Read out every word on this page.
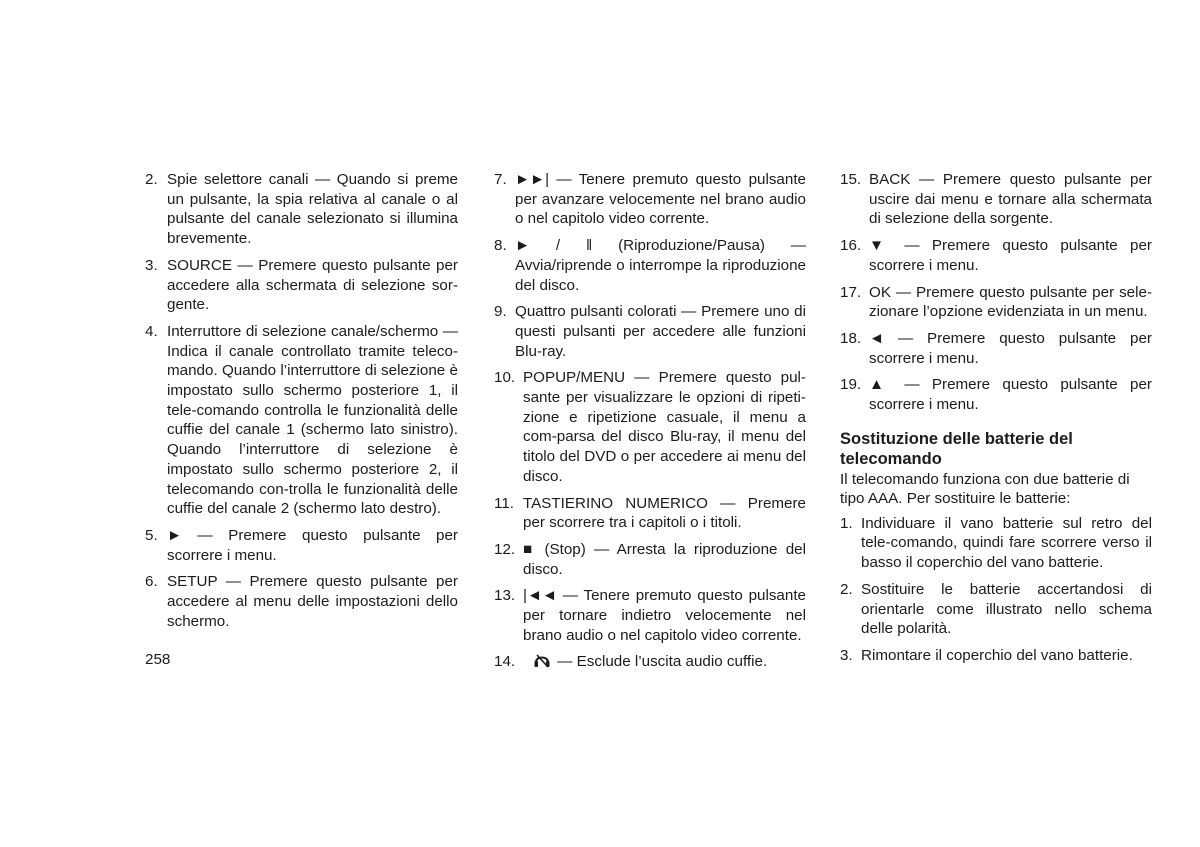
2. Spie selettore canali — Quando si preme un pulsante, la spia relativa al canale o al pulsante del canale selezionato si illumina brevemente.
3. SOURCE — Premere questo pulsante per accedere alla schermata di selezione sor-gente.
4. Interruttore di selezione canale/schermo — Indica il canale controllato tramite teleco-mando. Quando l’interruttore di selezione è impostato sullo schermo posteriore 1, il tele-comando controlla le funzionalità delle cuffie del canale 1 (schermo lato sinistro). Quando l’interruttore di selezione è impostato sullo schermo posteriore 2, il telecomando con-trolla le funzionalità delle cuffie del canale 2 (schermo lato destro).
5. ► — Premere questo pulsante per scorrere i menu.
6. SETUP — Premere questo pulsante per accedere al menu delle impostazioni dello schermo.
7. ►►| — Tenere premuto questo pulsante per avanzare velocemente nel brano audio o nel capitolo video corrente.
8. ► / ‖ (Riproduzione/Pausa) — Avvia/riprende o interrompe la riproduzione del disco.
9. Quattro pulsanti colorati — Premere uno di questi pulsanti per accedere alle funzioni Blu-ray.
10. POPUP/MENU — Premere questo pul-sante per visualizzare le opzioni di ripeti-zione e ripetizione casuale, il menu a com-parsa del disco Blu-ray, il menu del titolo del DVD o per accedere ai menu del disco.
11. TASTIERINO NUMERICO — Premere per scorrere tra i capitoli o i titoli.
12. ■ (Stop) — Arresta la riproduzione del disco.
13. |◄◄ — Tenere premuto questo pulsante per tornare indietro velocemente nel brano audio o nel capitolo video corrente.
14.	— Esclude l’uscita audio cuffie.
15. BACK — Premere questo pulsante per uscire dai menu e tornare alla schermata di selezione della sorgente.
16. ▼ — Premere questo pulsante per scorrere i menu.
17. OK — Premere questo pulsante per sele-zionare l’opzione evidenziata in un menu.
18. ◄ — Premere questo pulsante per scorrere i menu.
19. ▲ — Premere questo pulsante per scorrere i menu.
Sostituzione delle batterie del telecomando
Il telecomando funziona con due batterie di tipo AAA. Per sostituire le batterie:
1. Individuare il vano batterie sul retro del tele-comando, quindi fare scorrere verso il basso il coperchio del vano batterie.
2. Sostituire le batterie accertandosi di orientarle come illustrato nello schema delle polarità.
3. Rimontare il coperchio del vano batterie.
258
